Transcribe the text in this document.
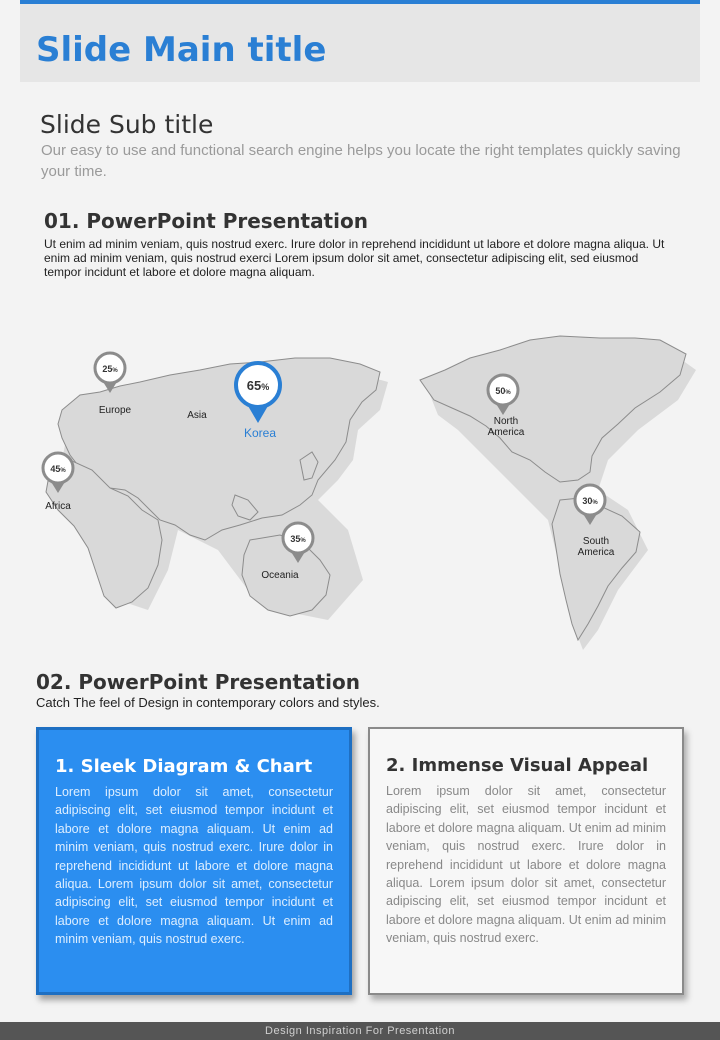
Slide Main title
Slide Sub title
Our easy to use and functional search engine helps you locate the right templates quickly saving your time.
01. PowerPoint Presentation
Ut enim ad minim veniam, quis nostrud exerc. Irure dolor in reprehend incididunt ut labore et dolore magna aliqua. Ut enim ad minim veniam, quis nostrud exerci Lorem ipsum dolor sit amet, consectetur adipiscing elit, sed eiusmod tempor incidunt et labore et dolore magna aliquam.
25%
Europe
65%
Korea
Asia
45%
Africa
35%
Oceania
50%
North
America
30%
South
America
02. PowerPoint Presentation
Catch The feel of Design in contemporary colors and styles.
1. Sleek Diagram & Chart
Lorem ipsum dolor sit amet, consectetur adipiscing elit, set eiusmod tempor incidunt et labore et dolore magna aliquam. Ut enim ad minim veniam, quis nostrud exerc. Irure dolor in reprehend incididunt ut labore et dolore magna aliqua. Lorem ipsum dolor sit amet, consectetur adipiscing elit, set eiusmod tempor incidunt et labore et dolore magna aliquam. Ut enim ad minim veniam, quis nostrud exerc.
2. Immense Visual Appeal
Lorem ipsum dolor sit amet, consectetur adipiscing elit, set eiusmod tempor incidunt et labore et dolore magna aliquam. Ut enim ad minim veniam, quis nostrud exerc. Irure dolor in reprehend incididunt ut labore et dolore magna aliqua. Lorem ipsum dolor sit amet, consectetur adipiscing elit, set eiusmod tempor incidunt et labore et dolore magna aliquam. Ut enim ad minim veniam, quis nostrud exerc.
Design Inspiration For Presentation
